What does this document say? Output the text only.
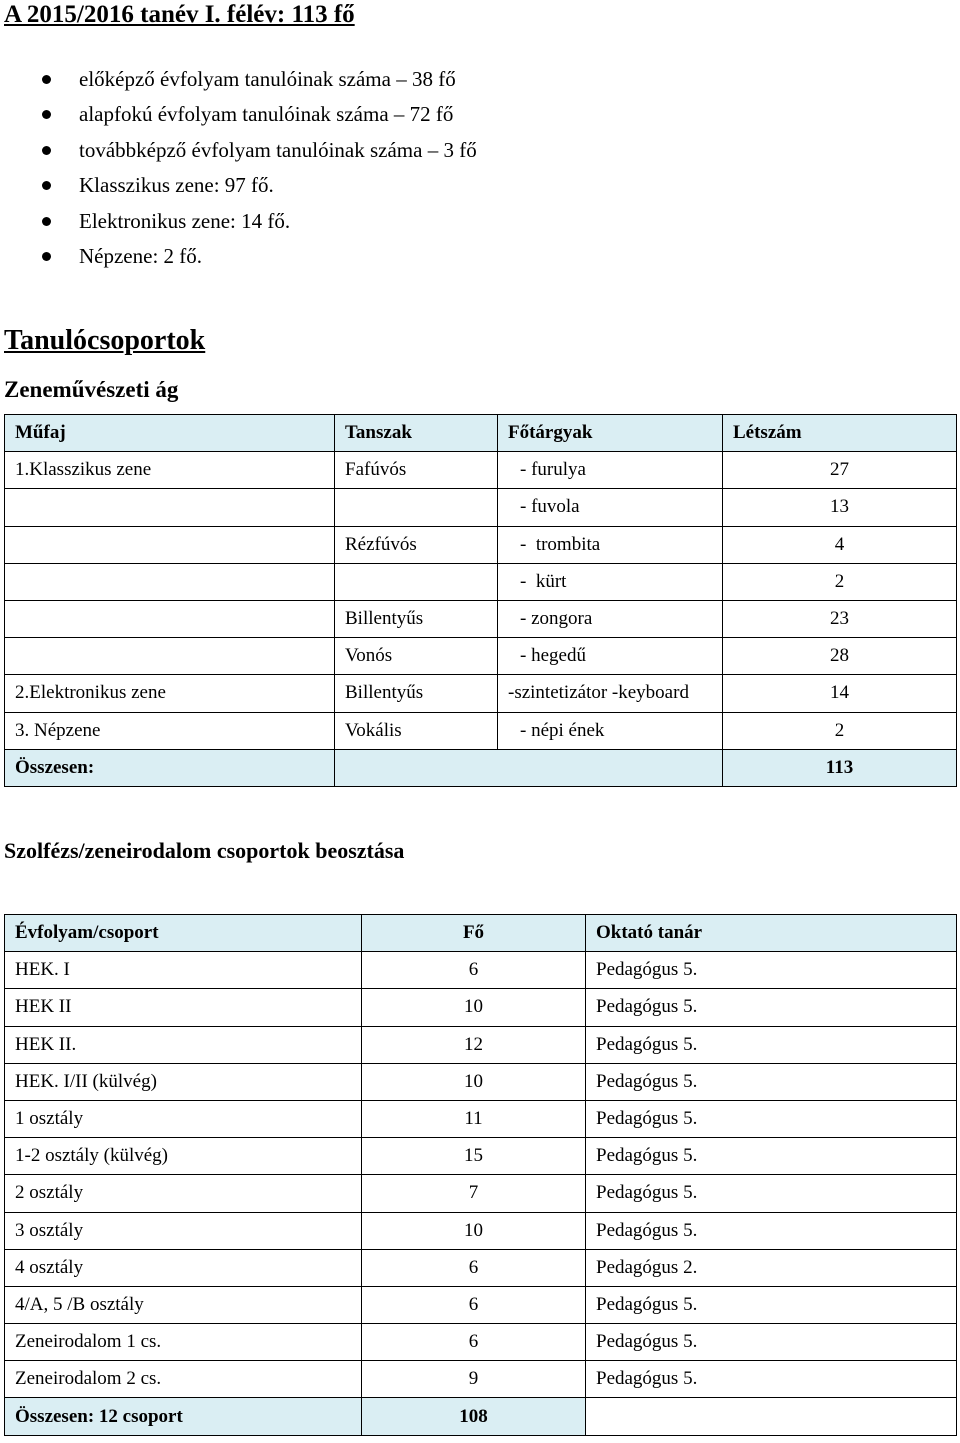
A 2015/2016 tanév I. félév: 113 fő
előképző évfolyam tanulóinak száma – 38 fő
alapfokú évfolyam tanulóinak száma – 72 fő
továbbképző évfolyam tanulóinak száma – 3 fő
Klasszikus zene: 97 fő.
Elektronikus zene: 14 fő.
Népzene: 2 fő.
Tanulócsoportok
Zeneművészeti ág
Műfaj	Tanszak	Főtárgyak	Létszám
1.Klasszikus zene	Fafúvós	- furulya	27
		- fuvola	13
	Rézfúvós	-  trombita	4
		-  kürt	2
	Billentyűs	- zongora	23
	Vonós	- hegedű	28
2.Elektronikus zene	Billentyűs	-szintetizátor -keyboard	14
3. Népzene	Vokális	- népi ének	2
Összesen:			113
Szolfézs/zeneirodalom csoportok beosztása
Évfolyam/csoport	Fő	Oktató tanár
HEK. I	6	Pedagógus 5.
HEK II	10	Pedagógus 5.
HEK II.	12	Pedagógus 5.
HEK. I/II (külvég)	10	Pedagógus 5.
1 osztály	11	Pedagógus 5.
1-2 osztály (külvég)	15	Pedagógus 5.
2 osztály	7	Pedagógus 5.
3 osztály	10	Pedagógus 5.
4 osztály	6	Pedagógus 2.
4/A, 5 /B osztály	6	Pedagógus 5.
Zeneirodalom 1 cs.	6	Pedagógus 5.
Zeneirodalom 2 cs.	9	Pedagógus 5.
Összesen: 12 csoport	108	
